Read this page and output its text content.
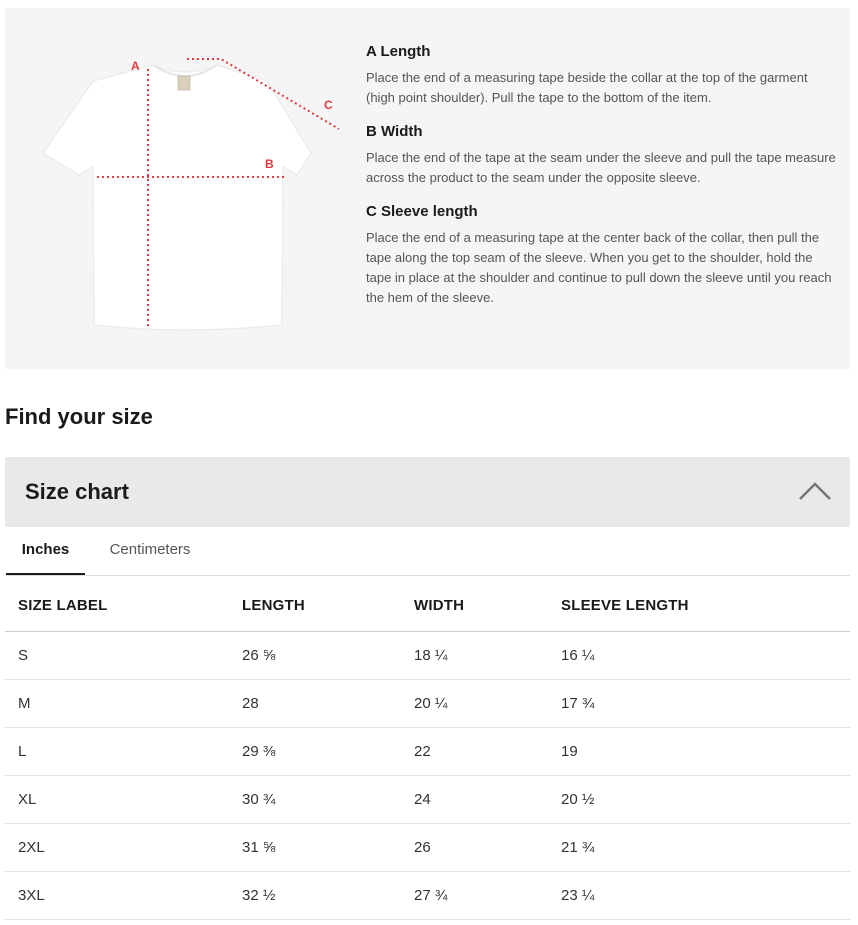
A
B
C
A Length

Place the end of a measuring tape beside the collar at the top of the garment (high point shoulder). Pull the tape to the bottom of the item.

B Width

Place the end of the tape at the seam under the sleeve and pull the tape measure across the product to the seam under the opposite sleeve.

C Sleeve length

Place the end of a measuring tape at the center back of the collar, then pull the tape along the top seam of the sleeve. When you get to the shoulder, hold the tape in place at the shoulder and continue to pull down the sleeve until you reach the hem of the sleeve.

Find your size
Size chart
Inches	Centimeters
SIZE LABEL	LENGTH	WIDTH	SLEEVE LENGTH
S	26 ⅝	18 ¼	16 ¼
M	28	20 ¼	17 ¾
L	29 ⅜	22	19
XL	30 ¾	24	20 ½
2XL	31 ⅝	26	21 ¾
3XL	32 ½	27 ¾	23 ¼
